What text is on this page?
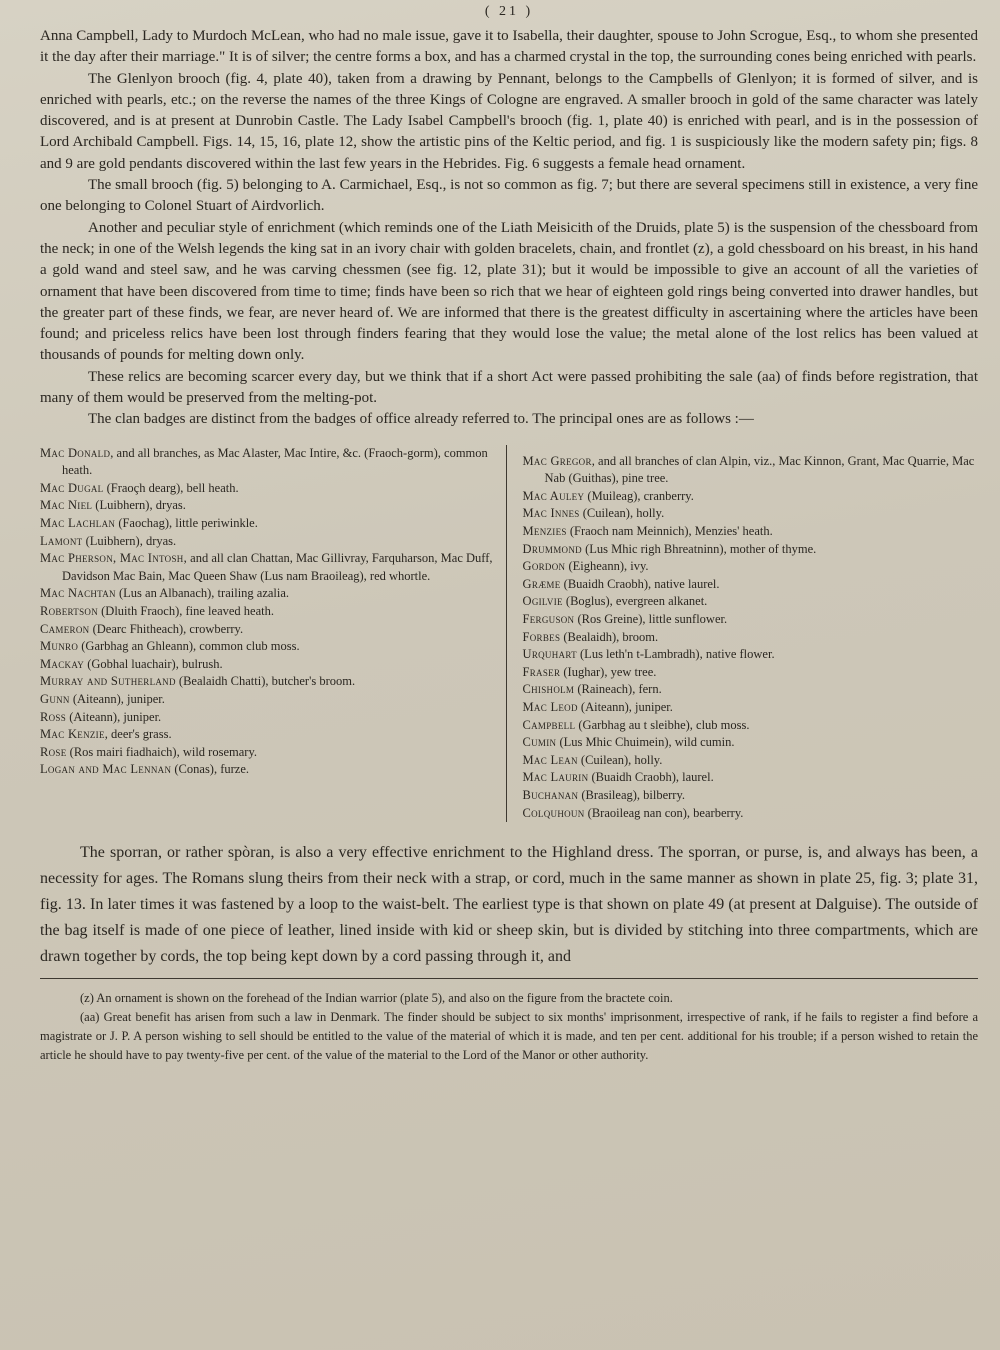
( 21 )

Anna Campbell, Lady to Murdoch McLean, who had no male issue, gave it to Isabella, their daughter, spouse to John Scrogue, Esq., to whom she presented it the day after their marriage." It is of silver; the centre forms a box, and has a charmed crystal in the top, the surrounding cones being enriched with pearls.

The Glenlyon brooch (fig. 4, plate 40), taken from a drawing by Pennant, belongs to the Campbells of Glenlyon; it is formed of silver, and is enriched with pearls, etc.; on the reverse the names of the three Kings of Cologne are engraved. A smaller brooch in gold of the same character was lately discovered, and is at present at Dunrobin Castle. The Lady Isabel Campbell's brooch (fig. 1, plate 40) is enriched with pearl, and is in the possession of Lord Archibald Campbell. Figs. 14, 15, 16, plate 12, show the artistic pins of the Keltic period, and fig. 1 is suspiciously like the modern safety pin; figs. 8 and 9 are gold pendants discovered within the last few years in the Hebrides. Fig. 6 suggests a female head ornament.

The small brooch (fig. 5) belonging to A. Carmichael, Esq., is not so common as fig. 7; but there are several specimens still in existence, a very fine one belonging to Colonel Stuart of Airdvorlich.

Another and peculiar style of enrichment (which reminds one of the Liath Meisicith of the Druids, plate 5) is the suspension of the chessboard from the neck; in one of the Welsh legends the king sat in an ivory chair with golden bracelets, chain, and frontlet (z), a gold chessboard on his breast, in his hand a gold wand and steel saw, and he was carving chessmen (see fig. 12, plate 31); but it would be impossible to give an account of all the varieties of ornament that have been discovered from time to time; finds have been so rich that we hear of eighteen gold rings being converted into drawer handles, but the greater part of these finds, we fear, are never heard of. We are informed that there is the greatest difficulty in ascertaining where the articles have been found; and priceless relics have been lost through finders fearing that they would lose the value; the metal alone of the lost relics has been valued at thousands of pounds for melting down only.

These relics are becoming scarcer every day, but we think that if a short Act were passed prohibiting the sale (aa) of finds before registration, that many of them would be preserved from the melting-pot.

The clan badges are distinct from the badges of office already referred to. The principal ones are as follows :—

Mac Donald, and all branches, as Mac Alaster, Mac Intire, &c. (Fraoch-gorm), common heath.
Mac Dugal (Fraoçh dearg), bell heath.
Mac Niel (Luibhern), dryas.
Mac Lachlan (Faochag), little periwinkle.
Lamont (Luibhern), dryas.
Mac Pherson, Mac Intosh, and all clan Chattan, Mac Gillivray, Farquharson, Mac Duff, Davidson Mac Bain, Mac Queen Shaw (Lus nam Braoileag), red whortle.
Mac Nachtan (Lus an Albanach), trailing azalia.
Robertson (Dluith Fraoch), fine leaved heath.
Cameron (Dearc Fhitheach), crowberry.
Munro (Garbhag an Ghleann), common club moss.
Mackay (Gobhal luachair), bulrush.
Murray and Sutherland (Bealaidh Chatti), butcher's broom.
Gunn (Aiteann), juniper.
Ross (Aiteann), juniper.
Mac Kenzie, deer's grass.
Rose (Ros mairi fiadhaich), wild rosemary.
Logan and Mac Lennan (Conas), furze.
Mac Gregor, and all branches of clan Alpin, viz., Mac Kinnon, Grant, Mac Quarrie, Mac Nab (Guithas), pine tree.
Mac Auley (Muileag), cranberry.
Mac Innes (Cuilean), holly.
Menzies (Fraoch nam Meinnich), Menzies' heath.
Drummond (Lus Mhic righ Bhreatninn), mother of thyme.
Gordon (Eigheann), ivy.
Græme (Buaidh Craobh), native laurel.
Ogilvie (Boglus), evergreen alkanet.
Ferguson (Ros Greine), little sunflower.
Forbes (Bealaidh), broom.
Urquhart (Lus leth'n t-Lambradh), native flower.
Fraser (Iughar), yew tree.
Chisholm (Raineach), fern.
Mac Leod (Aiteann), juniper.
Campbell (Garbhag au t sleibhe), club moss.
Cumin (Lus Mhic Chuimein), wild cumin.
Mac Lean (Cuilean), holly.
Mac Laurin (Buaidh Craobh), laurel.
Buchanan (Brasileag), bilberry.
Colquhoun (Braoileag nan con), bearberry.

The sporran, or rather spòran, is also a very effective enrichment to the Highland dress. The sporran, or purse, is, and always has been, a necessity for ages. The Romans slung theirs from their neck with a strap, or cord, much in the same manner as shown in plate 25, fig. 3; plate 31, fig. 13. In later times it was fastened by a loop to the waist-belt. The earliest type is that shown on plate 49 (at present at Dalguise). The outside of the bag itself is made of one piece of leather, lined inside with kid or sheep skin, but is divided by stitching into three compartments, which are drawn together by cords, the top being kept down by a cord passing through it, and

(z) An ornament is shown on the forehead of the Indian warrior (plate 5), and also on the figure from the bractete coin.

(aa) Great benefit has arisen from such a law in Denmark. The finder should be subject to six months' imprisonment, irrespective of rank, if he fails to register a find before a magistrate or J. P. A person wishing to sell should be entitled to the value of the material of which it is made, and ten per cent. additional for his trouble; if a person wished to retain the article he should have to pay twenty-five per cent. of the value of the material to the Lord of the Manor or other authority.
